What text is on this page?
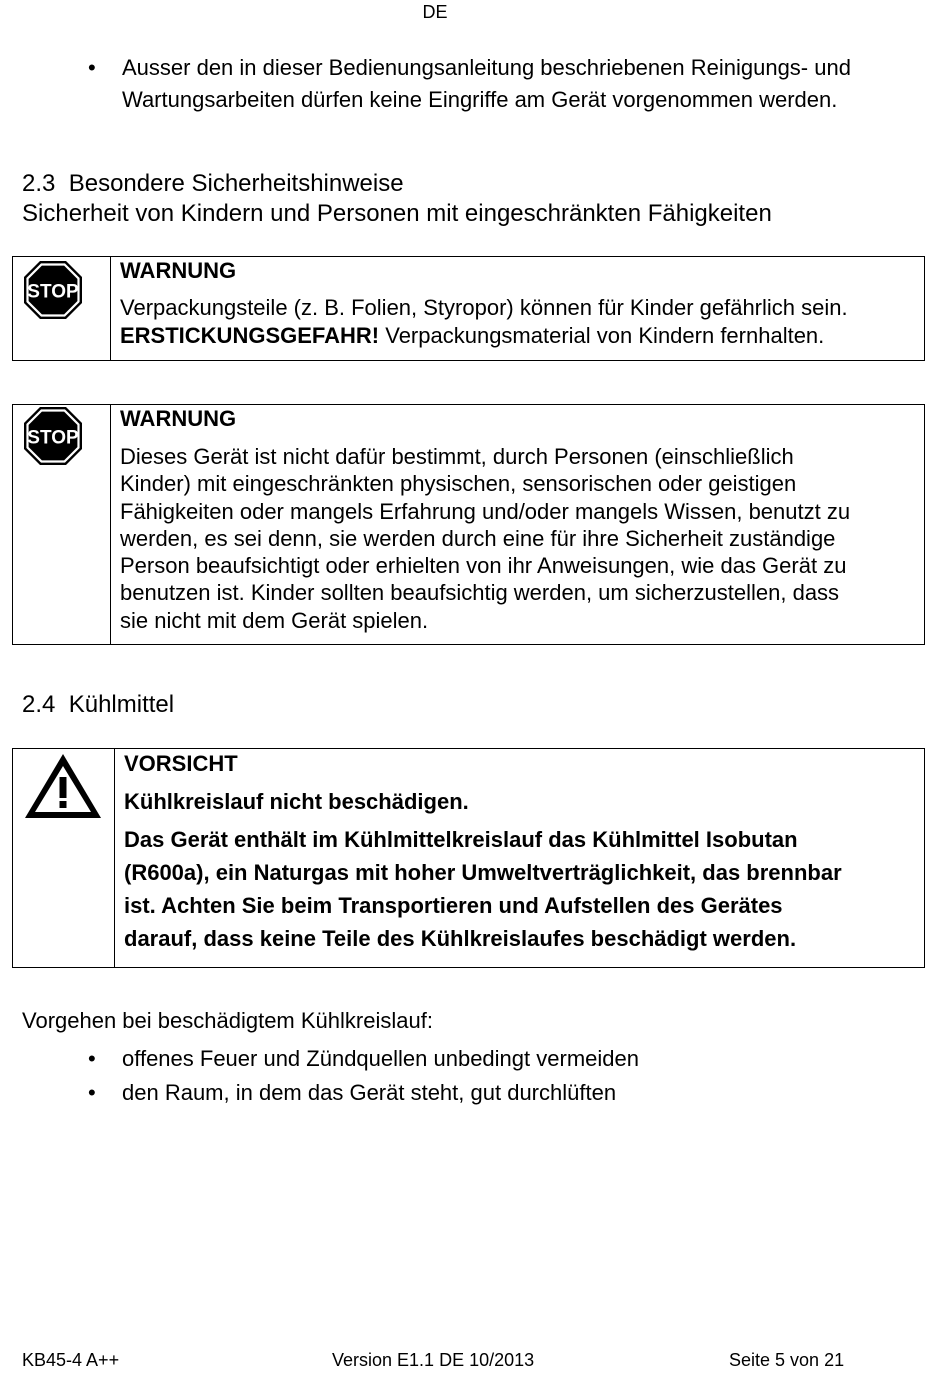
DE
•	Ausser den in dieser Bedienungsanleitung beschriebenen Reinigungs- und
Wartungsarbeiten dürfen keine Eingriffe am Gerät vorgenommen werden.
2.3 Besondere Sicherheitshinweise
Sicherheit von Kindern und Personen mit eingeschränkten Fähigkeiten
STOP
WARNUNG
Verpackungsteile (z. B. Folien, Styropor) können für Kinder gefährlich sein.
ERSTICKUNGSGEFAHR! Verpackungsmaterial von Kindern fernhalten.
STOP
WARNUNG
Dieses Gerät ist nicht dafür bestimmt, durch Personen (einschließlich
Kinder) mit eingeschränkten physischen, sensorischen oder geistigen
Fähigkeiten oder mangels Erfahrung und/oder mangels Wissen, benutzt zu
werden, es sei denn, sie werden durch eine für ihre Sicherheit zuständige
Person beaufsichtigt oder erhielten von ihr Anweisungen, wie das Gerät zu
benutzen ist. Kinder sollten beaufsichtig werden, um sicherzustellen, dass
sie nicht mit dem Gerät spielen.
2.4 Kühlmittel
VORSICHT
Kühlkreislauf nicht beschädigen.
Das Gerät enthält im Kühlmittelkreislauf das Kühlmittel Isobutan
(R600a), ein Naturgas mit hoher Umweltverträglichkeit, das brennbar
ist. Achten Sie beim Transportieren und Aufstellen des Gerätes
darauf, dass keine Teile des Kühlkreislaufes beschädigt werden.
Vorgehen bei beschädigtem Kühlkreislauf:
•	offenes Feuer und Zündquellen unbedingt vermeiden
•	den Raum, in dem das Gerät steht, gut durchlüften
KB45-4 A++	Version E1.1 DE 10/2013	Seite 5 von 21
